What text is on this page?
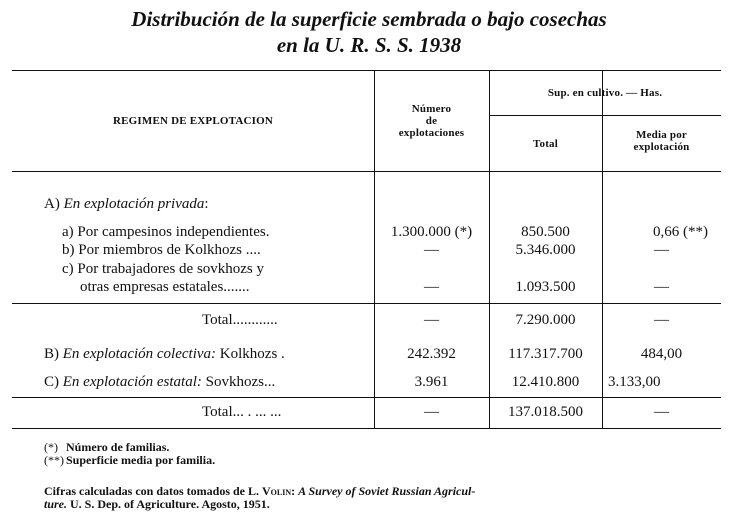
Distribución de la superficie sembrada o bajo cosechas
en la U. R. S. S. 1938
REGIMEN DE EXPLOTACION
Número
de
explotaciones
Sup. en cultivo. — Has.
Total
Media por
explotación
A) En explotación privada:
a) Por campesinos independientes.	1.300.000 (*)	850.500	0,66 (**)
b) Por miembros de Kolkhozs ....	—	5.346.000	—
c) Por trabajadores de sovkhozs y
otras empresas estatales.......	—	1.093.500	—
Total............	—	7.290.000	—
B) En explotación colectiva: Kolkhozs .	242.392	117.317.700	484,00
C) En explotación estatal: Sovkhozs...	3.961	12.410.800	3.133,00
Total... . ... ...	—	137.018.500	—
(*) Número de familias.
(**) Superficie media por familia.
Cifras calculadas con datos tomados de L. Volin: A Survey of Soviet Russian Agricul-
ture. U. S. Dep. of Agriculture. Agosto, 1951.
